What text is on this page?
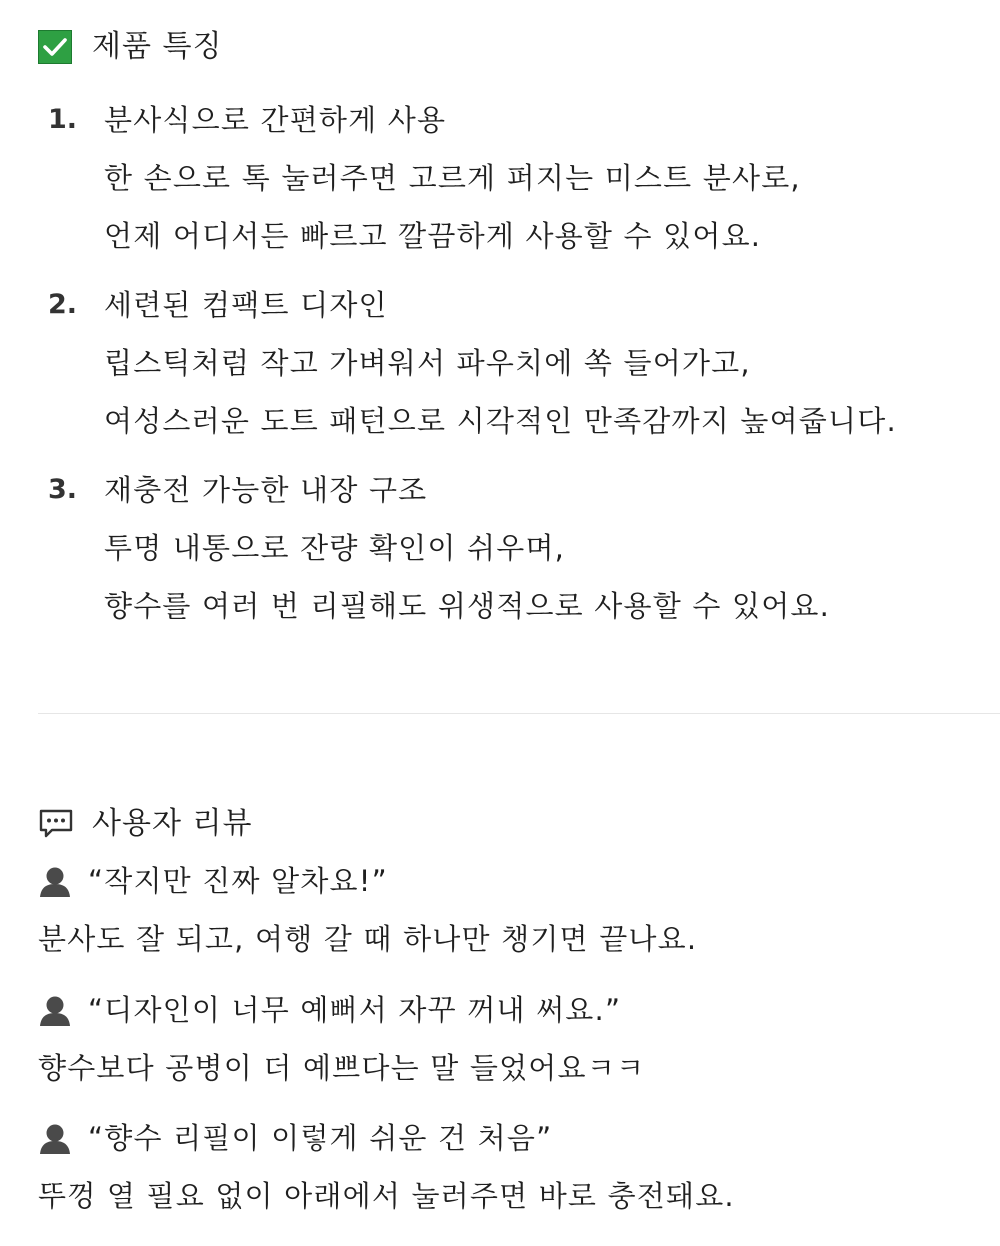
제품 특징
1. 분사식으로 간편하게 사용
한 손으로 톡 눌러주면 고르게 퍼지는 미스트 분사로,
언제 어디서든 빠르고 깔끔하게 사용할 수 있어요.
2. 세련된 컴팩트 디자인
립스틱처럼 작고 가벼워서 파우치에 쏙 들어가고,
여성스러운 도트 패턴으로 시각적인 만족감까지 높여줍니다.
3. 재충전 가능한 내장 구조
투명 내통으로 잔량 확인이 쉬우며,
향수를 여러 번 리필해도 위생적으로 사용할 수 있어요.
사용자 리뷰
“작지만 진짜 알차요!”
분사도 잘 되고, 여행 갈 때 하나만 챙기면 끝나요.
“디자인이 너무 예뻐서 자꾸 꺼내 써요.”
향수보다 공병이 더 예쁘다는 말 들었어요ㅋㅋ
“향수 리필이 이렇게 쉬운 건 처음”
뚜껑 열 필요 없이 아래에서 눌러주면 바로 충전돼요.
